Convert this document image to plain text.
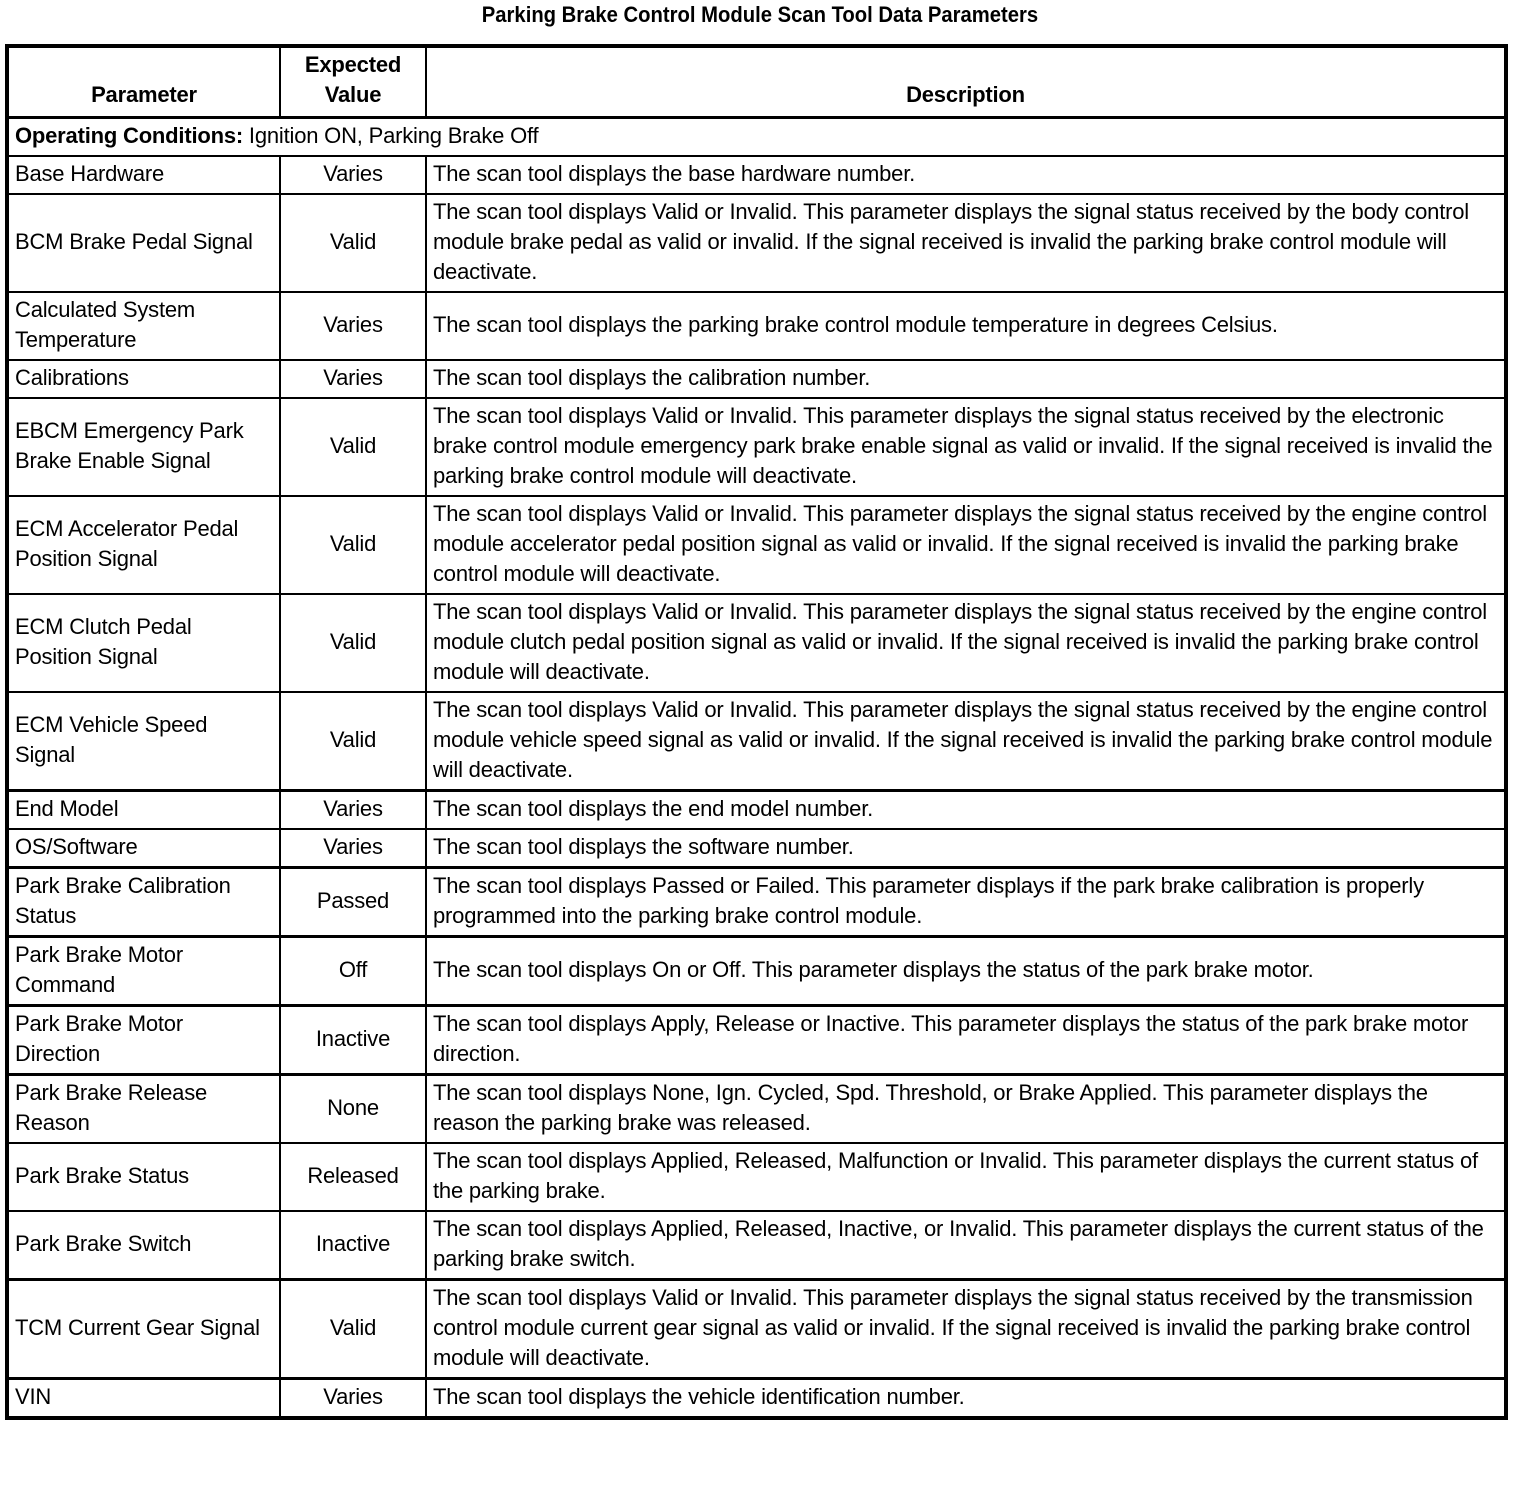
Parking Brake Control Module Scan Tool Data Parameters
Parameter	Expected Value	Description
Operating Conditions: Ignition ON, Parking Brake Off		
Base Hardware	Varies	The scan tool displays the base hardware number.
BCM Brake Pedal Signal	Valid	The scan tool displays Valid or Invalid. This parameter displays the signal status received by the body control module brake pedal as valid or invalid. If the signal received is invalid the parking brake control module will deactivate.
Calculated System Temperature	Varies	The scan tool displays the parking brake control module temperature in degrees Celsius.
Calibrations	Varies	The scan tool displays the calibration number.
EBCM Emergency Park Brake Enable Signal	Valid	The scan tool displays Valid or Invalid. This parameter displays the signal status received by the electronic brake control module emergency park brake enable signal as valid or invalid. If the signal received is invalid the parking brake control module will deactivate.
ECM Accelerator Pedal Position Signal	Valid	The scan tool displays Valid or Invalid. This parameter displays the signal status received by the engine control module accelerator pedal position signal as valid or invalid. If the signal received is invalid the parking brake control module will deactivate.
ECM Clutch Pedal Position Signal	Valid	The scan tool displays Valid or Invalid. This parameter displays the signal status received by the engine control module clutch pedal position signal as valid or invalid. If the signal received is invalid the parking brake control module will deactivate.
ECM Vehicle Speed Signal	Valid	The scan tool displays Valid or Invalid. This parameter displays the signal status received by the engine control module vehicle speed signal as valid or invalid. If the signal received is invalid the parking brake control module will deactivate.
End Model	Varies	The scan tool displays the end model number.
OS/Software	Varies	The scan tool displays the software number.
Park Brake Calibration Status	Passed	The scan tool displays Passed or Failed. This parameter displays if the park brake calibration is properly programmed into the parking brake control module.
Park Brake Motor Command	Off	The scan tool displays On or Off. This parameter displays the status of the park brake motor.
Park Brake Motor Direction	Inactive	The scan tool displays Apply, Release or Inactive. This parameter displays the status of the park brake motor direction.
Park Brake Release Reason	None	The scan tool displays None, Ign. Cycled, Spd. Threshold, or Brake Applied. This parameter displays the reason the parking brake was released.
Park Brake Status	Released	The scan tool displays Applied, Released, Malfunction or Invalid. This parameter displays the current status of the parking brake.
Park Brake Switch	Inactive	The scan tool displays Applied, Released, Inactive, or Invalid. This parameter displays the current status of the parking brake switch.
TCM Current Gear Signal	Valid	The scan tool displays Valid or Invalid. This parameter displays the signal status received by the transmission control module current gear signal as valid or invalid. If the signal received is invalid the parking brake control module will deactivate.
VIN	Varies	The scan tool displays the vehicle identification number.
